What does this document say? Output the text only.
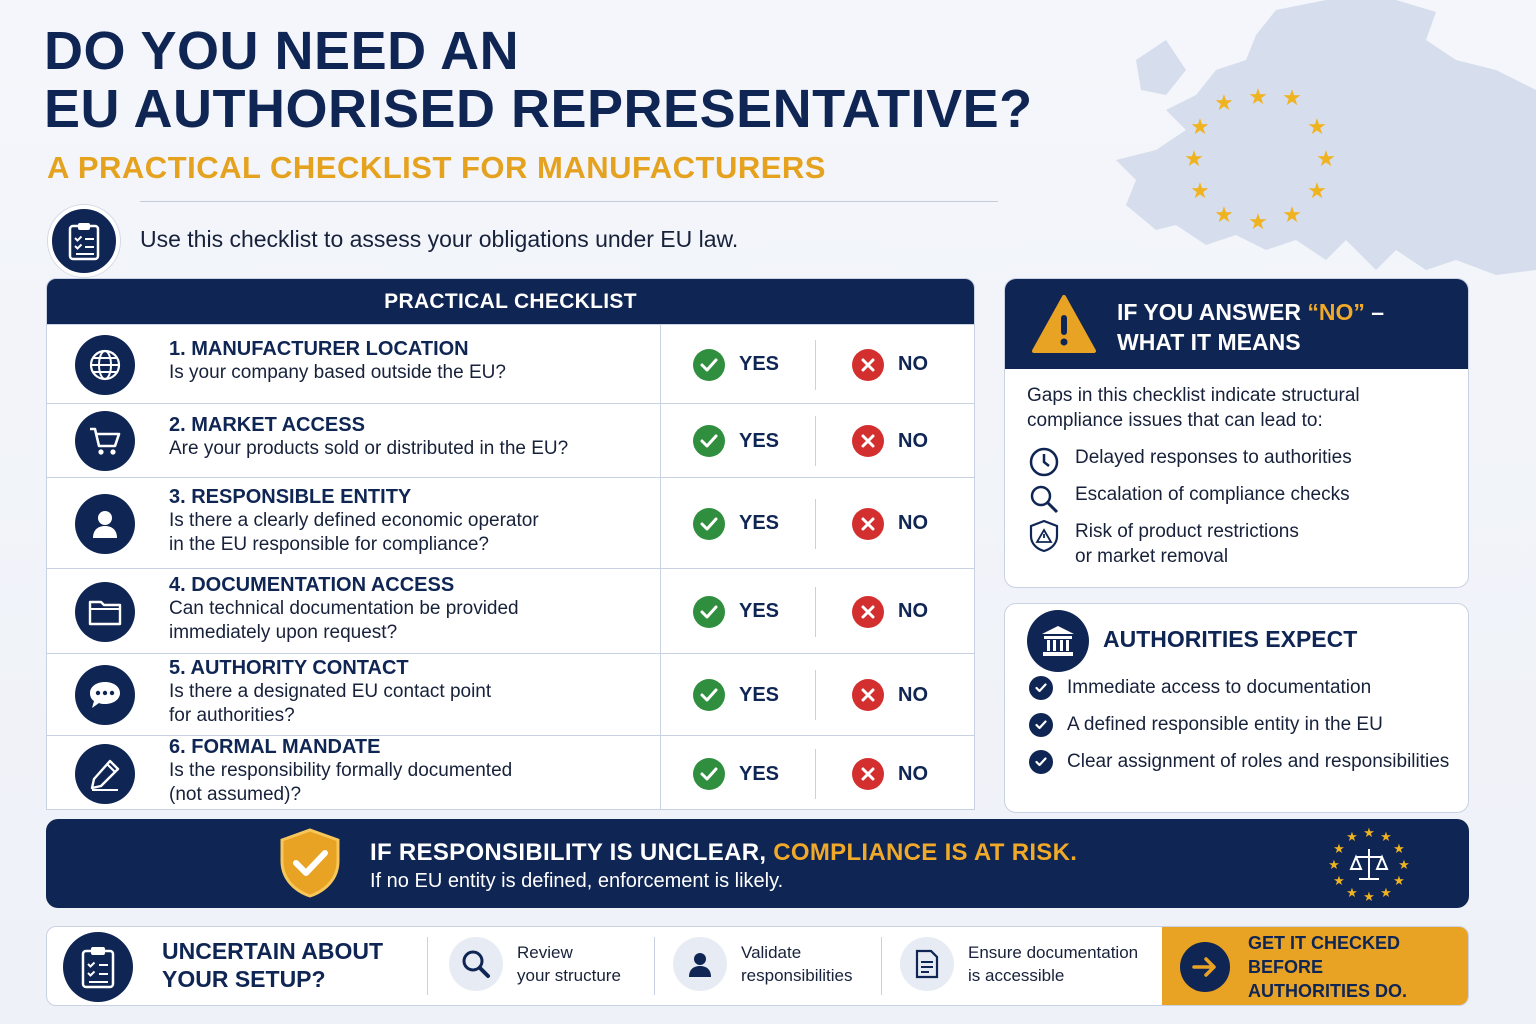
★ ★
★
★
★
★
★
★
★
★
★
★
DO YOU NEED AN
EU AUTHORISED REPRESENTATIVE?
A PRACTICAL CHECKLIST FOR MANUFACTURERS
Use this checklist to assess your obligations under EU law.
PRACTICAL CHECKLIST
1. MANUFACTURER LOCATION
Is your company based outside the EU?	YES	NO
2. MARKET ACCESS
Are your products sold or distributed in the EU?	YES	NO
3. RESPONSIBLE ENTITY
Is there a clearly defined economic operator
in the EU responsible for compliance?
YES	NO
4. DOCUMENTATION ACCESS
Can technical documentation be provided
immediately upon request?
YES	NO
5. AUTHORITY CONTACT
Is there a designated EU contact point
for authorities?
YES	NO
6. FORMAL MANDATE
Is the responsibility formally documented
(not assumed)?
YES	NO
IF YOU ANSWER “NO” –
WHAT IT MEANS
Gaps in this checklist indicate structural
compliance issues that can lead to:
Delayed responses to authorities
Escalation of compliance checks
Risk of product restrictions
or market removal
AUTHORITIES EXPECT
Immediate access to documentation
A defined responsible entity in the EU
Clear assignment of roles and responsibilities
IF RESPONSIBILITY IS UNCLEAR, COMPLIANCE IS AT RISK.
If no EU entity is defined, enforcement is likely.
★ ★
★
★
★
★
★
★
★
★
★
★
UNCERTAIN ABOUT
YOUR SETUP?
Review
your structure
Validate
responsibilities
Ensure documentation
is accessible
GET IT CHECKED BEFORE
AUTHORITIES DO.
